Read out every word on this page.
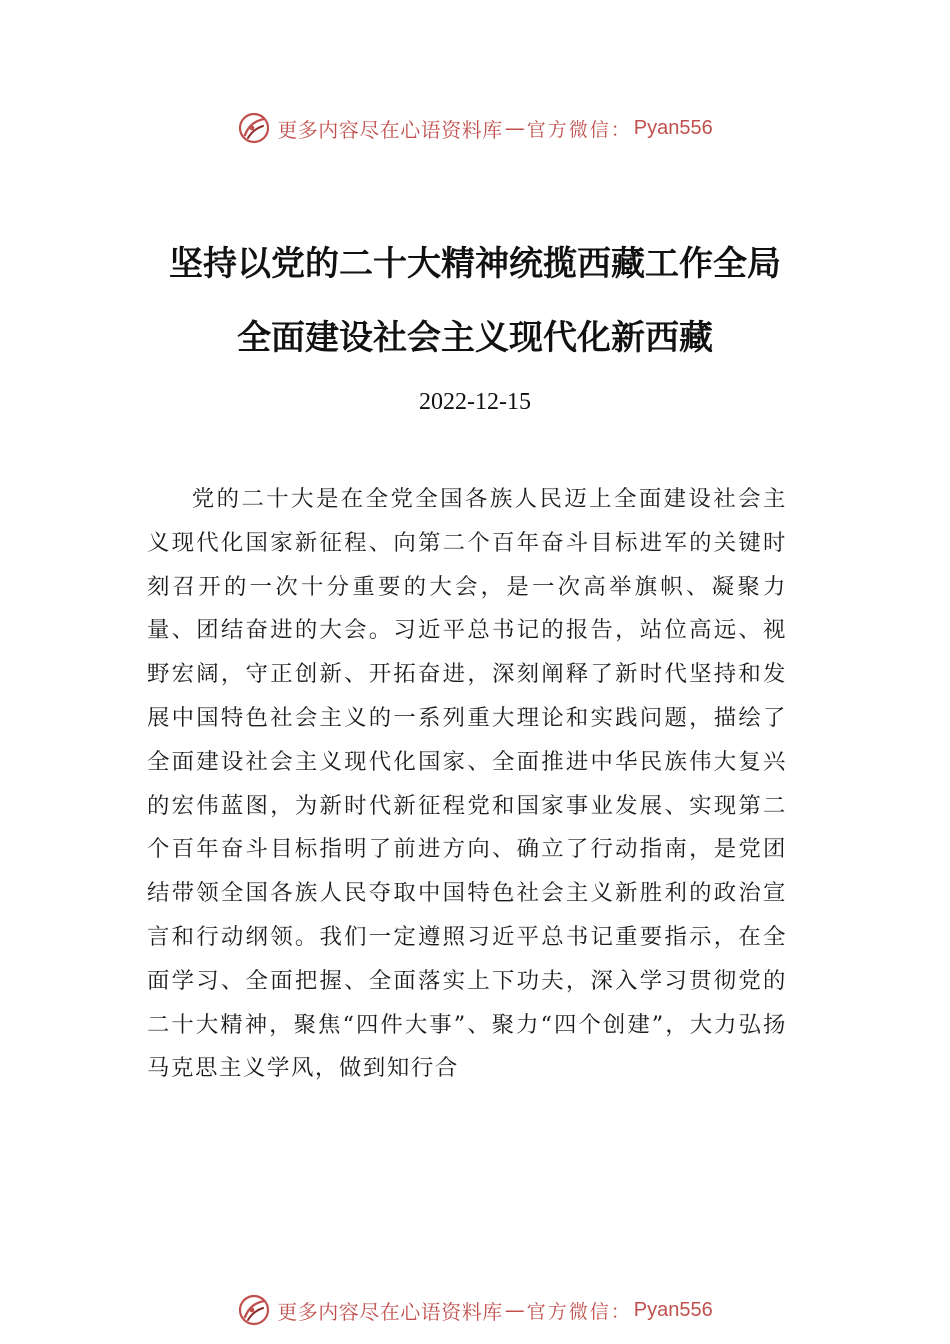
更多内容尽在心语资料库 — 官方微信： Pyan556
坚持以党的二十大精神统揽西藏工作全局
全面建设社会主义现代化新西藏
2022-12-15

党的二十大是在全党全国各族人民迈上全面建设社会主义现代化国家新征程、向第二个百年奋斗目标进军的关键时刻召开的一次十分重要的大会，是一次高举旗帜、凝聚力量、团结奋进的大会。习近平总书记的报告，站位高远、视野宏阔，守正创新、开拓奋进，深刻阐释了新时代坚持和发展中国特色社会主义的一系列重大理论和实践问题，描绘了全面建设社会主义现代化国家、全面推进中华民族伟大复兴的宏伟蓝图，为新时代新征程党和国家事业发展、实现第二个百年奋斗目标指明了前进方向、确立了行动指南，是党团结带领全国各族人民夺取中国特色社会主义新胜利的政治宣言和行动纲领。我们一定遵照习近平总书记重要指示，在全面学习、全面把握、全面落实上下功夫，深入学习贯彻党的二十大精神，聚焦“四件大事”、聚力“四个创建”，大力弘扬马克思主义学风，做到知行合

更多内容尽在心语资料库 — 官方微信： Pyan556
